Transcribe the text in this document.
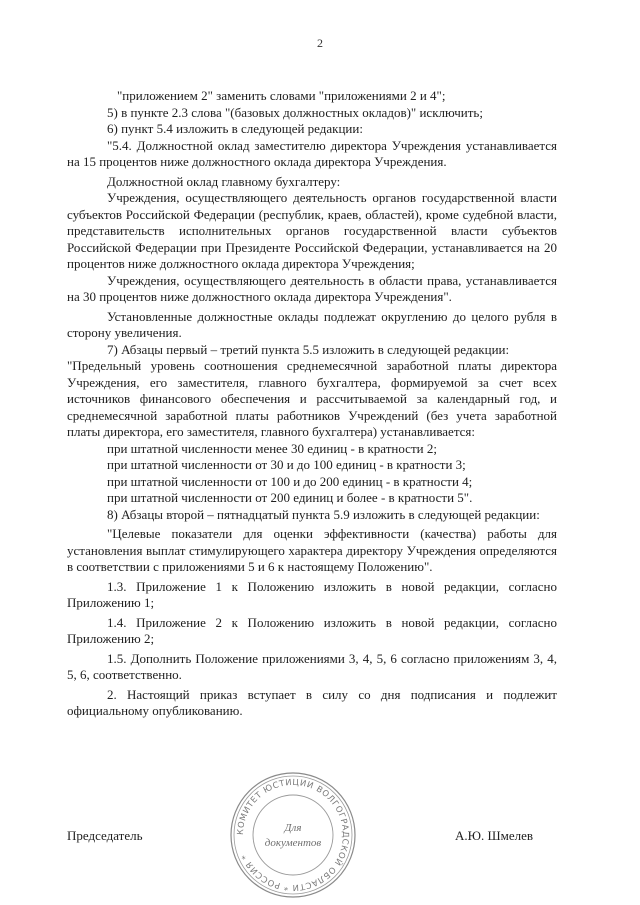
2

"приложением 2" заменить словами "приложениями 2 и 4";

5) в пункте 2.3 слова "(базовых должностных окладов)" исключить;

6) пункт 5.4 изложить в следующей редакции:

"5.4. Должностной оклад заместителю директора Учреждения устанавливается на 15 процентов ниже должностного оклада директора Учреждения.

Должностной оклад главному бухгалтеру:

Учреждения, осуществляющего деятельность органов государственной власти субъектов Российской Федерации (республик, краев, областей), кроме судебной власти, представительств исполнительных органов государственной власти субъектов Российской Федерации при Президенте Российской Федерации, устанавливается на 20 процентов ниже должностного оклада директора Учреждения;

Учреждения, осуществляющего деятельность в области права, устанавливается на 30 процентов ниже должностного оклада директора Учреждения".

Установленные должностные оклады подлежат округлению до целого рубля в сторону увеличения.

7) Абзацы первый – третий пункта 5.5 изложить в следующей редакции:

"Предельный уровень соотношения среднемесячной заработной платы директора Учреждения, его заместителя, главного бухгалтера, формируемой за счет всех источников финансового обеспечения и рассчитываемой за календарный год, и среднемесячной заработной платы работников Учреждений (без учета заработной платы директора, его заместителя, главного бухгалтера) устанавливается:

при штатной численности менее 30 единиц - в кратности 2;

при штатной численности от 30 и до 100 единиц - в кратности 3;

при штатной численности от 100 и до 200 единиц - в кратности 4;

при штатной численности от 200 единиц и более - в кратности 5".

8) Абзацы второй – пятнадцатый пункта 5.9 изложить в следующей редакции:

"Целевые показатели для оценки эффективности (качества) работы для установления выплат стимулирующего характера директору Учреждения определяются в соответствии с приложениями 5 и 6 к настоящему Положению".

1.3. Приложение 1 к Положению изложить в новой редакции, согласно Приложению 1;

1.4. Приложение 2 к Положению изложить в новой редакции, согласно Приложению 2;

1.5. Дополнить Положение приложениями 3, 4, 5, 6 согласно приложениям 3, 4, 5, 6, соответственно.

2. Настоящий приказ вступает в силу со дня подписания и подлежит официальному опубликованию.

КОМИТЕТ ЮСТИЦИИ ВОЛГОГРАДСКОЙ ОБЛАСТИ * РОССИЯ *
Для
документов
Председатель	А.Ю. Шмелев
